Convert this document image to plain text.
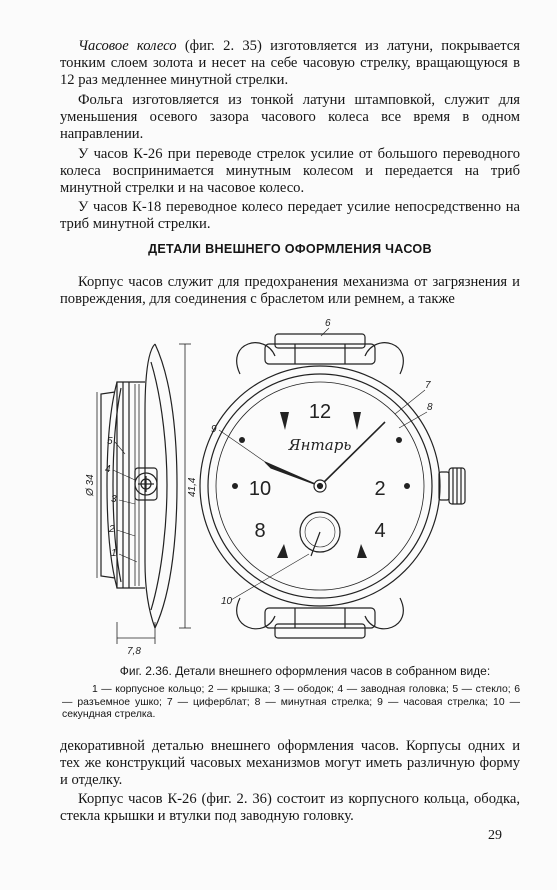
Часовое колесо (фиг. 2. 35) изготовляется из латуни, покрывается тонким слоем золота и несет на себе часовую стрелку, вращающуюся в 12 раз медленнее минутной стрелки.

Фольга изготовляется из тонкой латуни штамповкой, служит для уменьшения осевого зазора часового колеса все время в одном направлении.

У часов К-26 при переводе стрелок усилие от большого переводного колеса воспринимается минутным колесом и передается на триб минутной стрелки и на часовое колесо.

У часов К-18 переводное колесо передает усилие непосредственно на триб минутной стрелки.

ДЕТАЛИ ВНЕШНЕГО ОФОРМЛЕНИЯ ЧАСОВ

Корпус часов служит для предохранения механизма от загрязнения и повреждения, для соединения с браслетом или ремнем, а также

12
2
4
8
10
Янтарь
41,4
Ø 34
7,8
1
2
3
4
5
6
7
8
9
10
Фиг. 2.36. Детали внешнего оформления часов в собранном виде:
1 — корпусное кольцо; 2 — крышка; 3 — ободок; 4 — заводная головка; 5 — стекло; 6 — разъемное ушко; 7 — циферблат; 8 — минутная стрелка; 9 — часовая стрелка; 10 —секундная стрелка.

декоративной деталью внешнего оформления часов. Корпусы одних и тех же конструкций часовых механизмов могут иметь различную форму и отделку.

Корпус часов К-26 (фиг. 2. 36) состоит из корпусного кольца, ободка, стекла крышки и втулки под заводную головку.

29
